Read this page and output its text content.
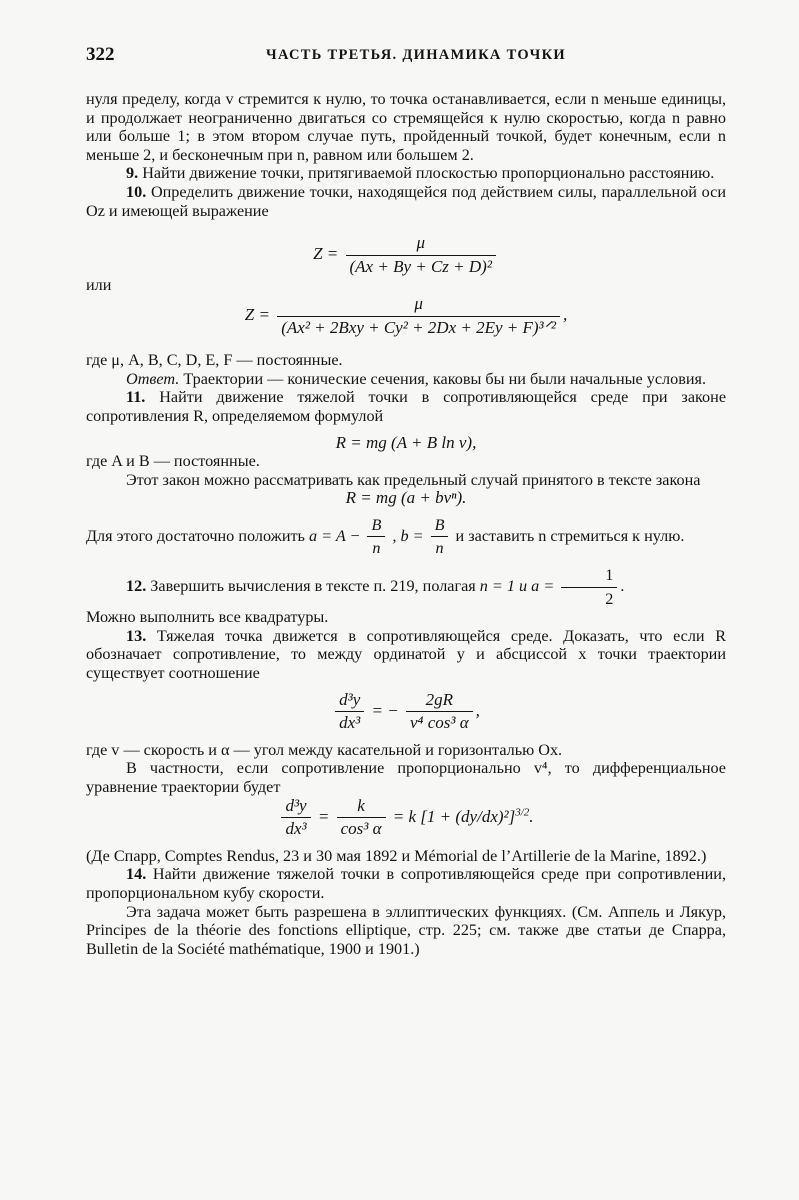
322	ЧАСТЬ ТРЕТЬЯ. ДИНАМИКА ТОЧКИ

нуля пределу, когда v стремится к нулю, то точка останавливается, если n меньше единицы, и продолжает неограниченно двигаться со стремящейся к нулю скоростью, когда n равно или больше 1; в этом втором случае путь, пройденный точкой, будет конечным, если n меньше 2, и бесконечным при n, равном или большем 2.

9. Найти движение точки, притягиваемой плоскостью пропорционально расстоянию.

10. Определить движение точки, находящейся под действием силы, параллельной оси Oz и имеющей выражение

$Z = \frac{\mu}{\text{(Ax + By + Cz + D)²}}$
или
$Z = \frac{\mu}{\text{(Ax² + 2Bxy + Cy² + 2Dx + 2Ey + F)³ᐟ²}}$ ,

где μ, A, B, C, D, E, F — постоянные.

Ответ. Траектории — конические сечения, каковы бы ни были начальные условия.

11. Найти движение тяжелой точки в сопротивляющейся среде при законе сопротивления R, определяемом формулой

R = mg (A + B ln v),

где A и B — постоянные.

Этот закон можно рассматривать как предельный случай принятого в тексте закона

R = mg (a + bvⁿ).

Для этого достаточно положить $a = A - \frac{B}{n}$ , $b = \frac{B}{n}$ и заставить n стремиться к нулю.

12. Завершить вычисления в тексте п. 219, полагая n = 1 и $a = \frac{1}{2}$ .

Можно выполнить все квадратуры.

13. Тяжелая точка движется в сопротивляющейся среде. Доказать, что если R обозначает сопротивление, то между ординатой y и абсциссой x точки траектории существует соотношение

$\frac{\text{d³y}}{\text{dx³}}$ = − $\frac{2gR}{\text{v⁴ cos³ α}}$ ,

где v — скорость и α — угол между касательной и горизонталью Ox.

В частности, если сопротивление пропорционально v⁴, то дифференциальное уравнение траектории будет

$\frac{\text{d³y}}{\text{dx³}} = \frac{k}{\text{cos³ α}} = k$ $[1 + (dy/dx)^2]^{3/2}$.

(Де Спарр, Comptes Rendus, 23 и 30 мая 1892 и Mémorial de l’Artillerie de la Marine, 1892.)

14. Найти движение тяжелой точки в сопротивляющейся среде при сопротивлении, пропорциональном кубу скорости.

Эта задача может быть разрешена в эллиптических функциях. (См. Аппель и Лякур, Principes de la théorie des fonctions elliptique, стр. 225; см. также две статьи де Спарра, Bulletin de la Société mathématique, 1900 и 1901.)
